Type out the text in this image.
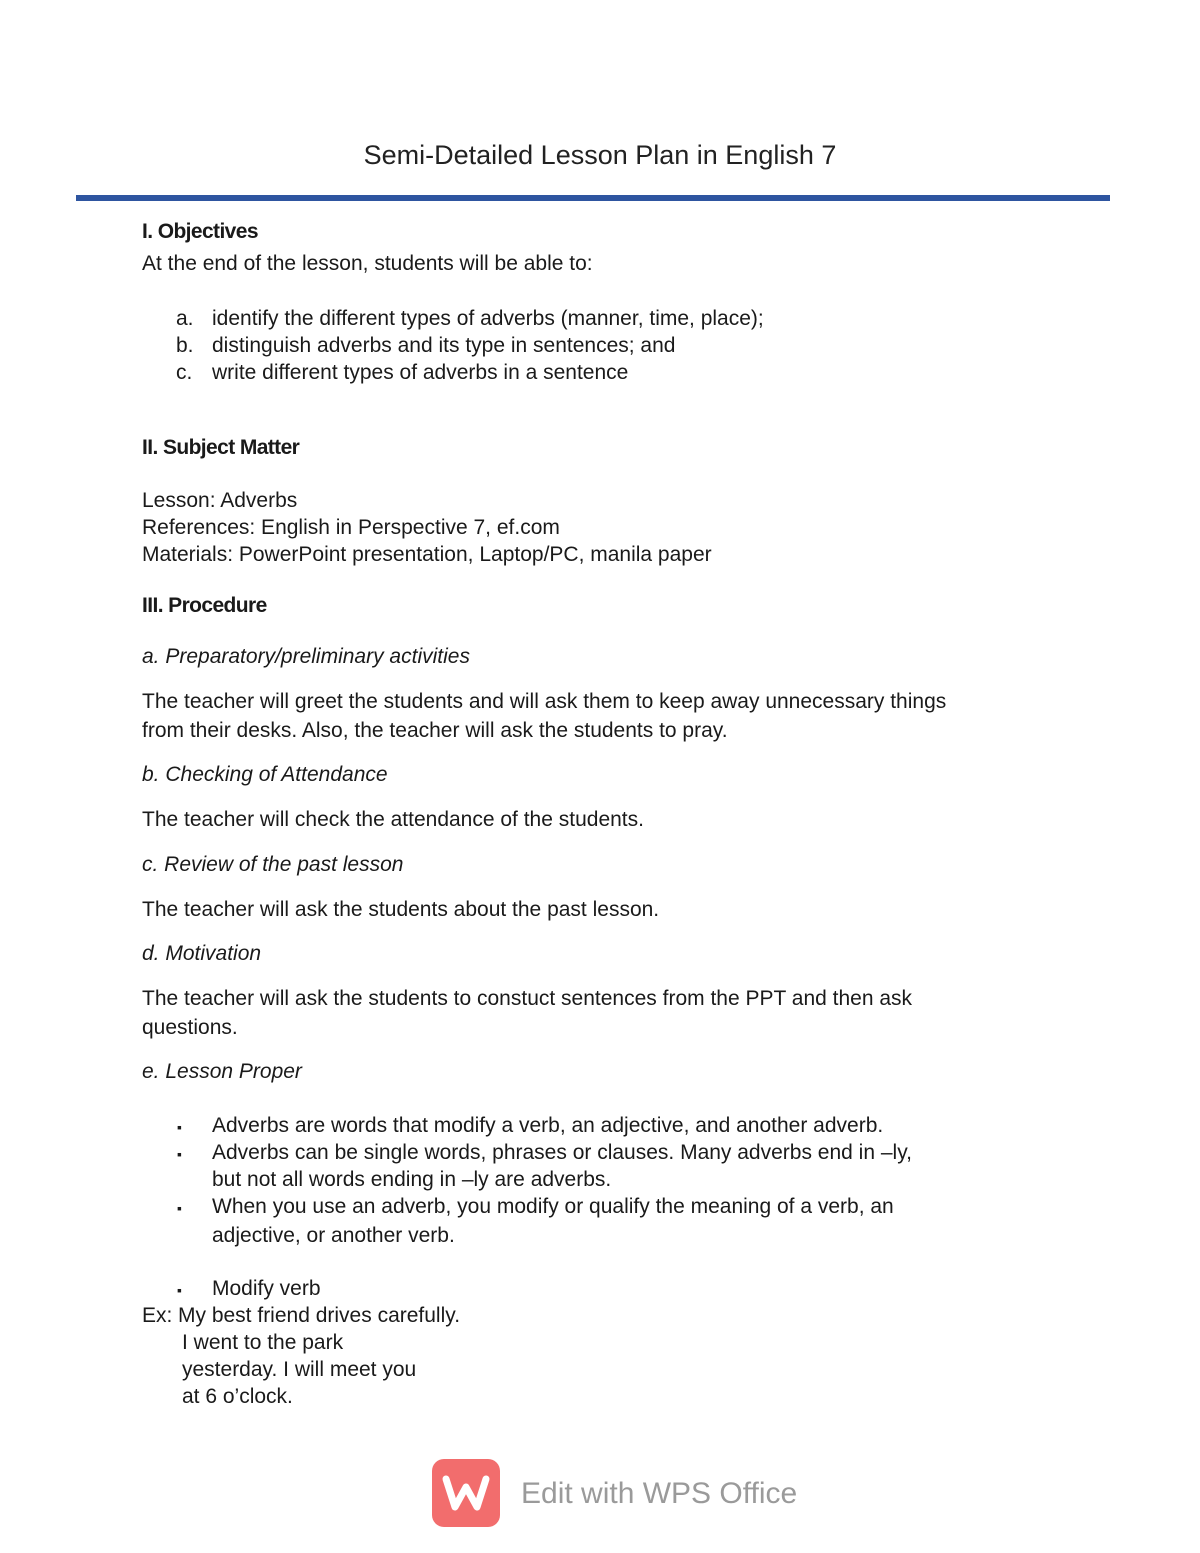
Semi-Detailed Lesson Plan in English 7
I. Objectives
At the end of the lesson, students will be able to:
a. identify the different types of adverbs (manner, time, place);
b. distinguish adverbs and its type in sentences; and
c. write different types of adverbs in a sentence
II. Subject Matter
Lesson: Adverbs
References: English in Perspective 7, ef.com
Materials: PowerPoint presentation, Laptop/PC, manila paper
III. Procedure
a. Preparatory/preliminary activities
The teacher will greet the students and will ask them to keep away unnecessary things
from their desks. Also, the teacher will ask the students to pray.
b. Checking of Attendance
The teacher will check the attendance of the students.
c. Review of the past lesson
The teacher will ask the students about the past lesson.
d. Motivation
The teacher will ask the students to constuct sentences from the PPT and then ask
questions.
e. Lesson Proper
▪ Adverbs are words that modify a verb, an adjective, and another adverb.
▪ Adverbs can be single words, phrases or clauses. Many adverbs end in –ly,
but not all words ending in –ly are adverbs.
▪ When you use an adverb, you modify or qualify the meaning of a verb, an
adjective, or another verb.
▪ Modify verb
Ex: My best friend drives carefully.
I went to the park
yesterday. I will meet you
at 6 o’clock.
Edit with WPS Office
